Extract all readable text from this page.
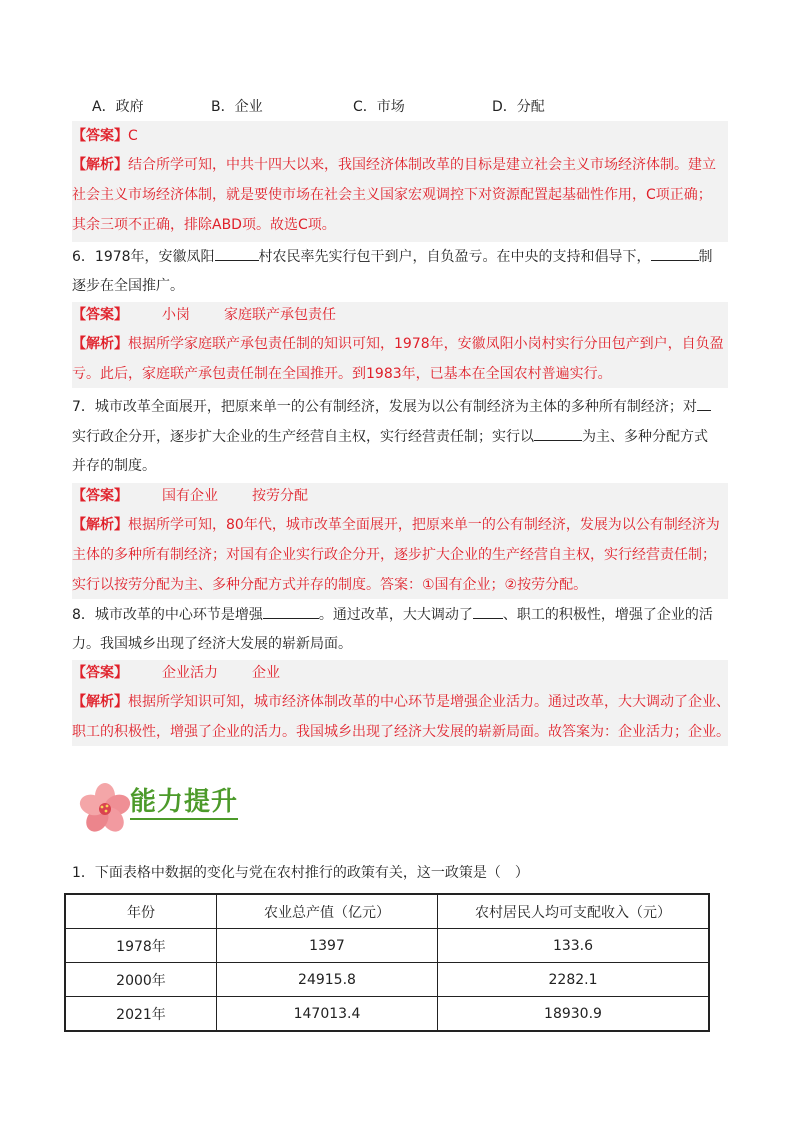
A．政府	B．企业	C．市场	D．分配
【答案】C
【解析】结合所学可知，中共十四大以来，我国经济体制改革的目标是建立社会主义市场经济体制。建立
社会主义市场经济体制，就是要使市场在社会主义国家宏观调控下对资源配置起基础性作用，C项正确；
其余三项不正确，排除ABD项。故选C项。
6．1978年，安徽凤阳	村农民率先实行包干到户，自负盈亏。在中央的支持和倡导下，	制
逐步在全国推广。
【答案】 小岗 家庭联产承包责任
【解析】根据所学家庭联产承包责任制的知识可知，1978年，安徽凤阳小岗村实行分田包产到户，自负盈
亏。此后，家庭联产承包责任制在全国推开。到1983年，已基本在全国农村普遍实行。
7．城市改革全面展开，把原来单一的公有制经济，发展为以公有制经济为主体的多种所有制经济；对
实行政企分开，逐步扩大企业的生产经营自主权，实行经营责任制；实行以	为主、多种分配方式
并存的制度。
【答案】 国有企业 按劳分配
【解析】根据所学可知，80年代，城市改革全面展开，把原来单一的公有制经济，发展为以公有制经济为
主体的多种所有制经济；对国有企业实行政企分开，逐步扩大企业的生产经营自主权，实行经营责任制；
实行以按劳分配为主、多种分配方式并存的制度。答案：①国有企业；②按劳分配。
8．城市改革的中心环节是增强	。通过改革，大大调动了 、职工的积极性，增强了企业的活
力。我国城乡出现了经济大发展的崭新局面。
【答案】 企业活力 企业
【解析】根据所学知识可知，城市经济体制改革的中心环节是增强企业活力。通过改革，大大调动了企业、
职工的积极性，增强了企业的活力。我国城乡出现了经济大发展的崭新局面。故答案为：企业活力；企业。
能力提升
1．下面表格中数据的变化与党在农村推行的政策有关，这一政策是（　）
年份	农业总产值（亿元）	农村居民人均可支配收入（元）
1978年	1397	133.6
2000年	24915.8	2282.1
2021年	147013.4	18930.9
